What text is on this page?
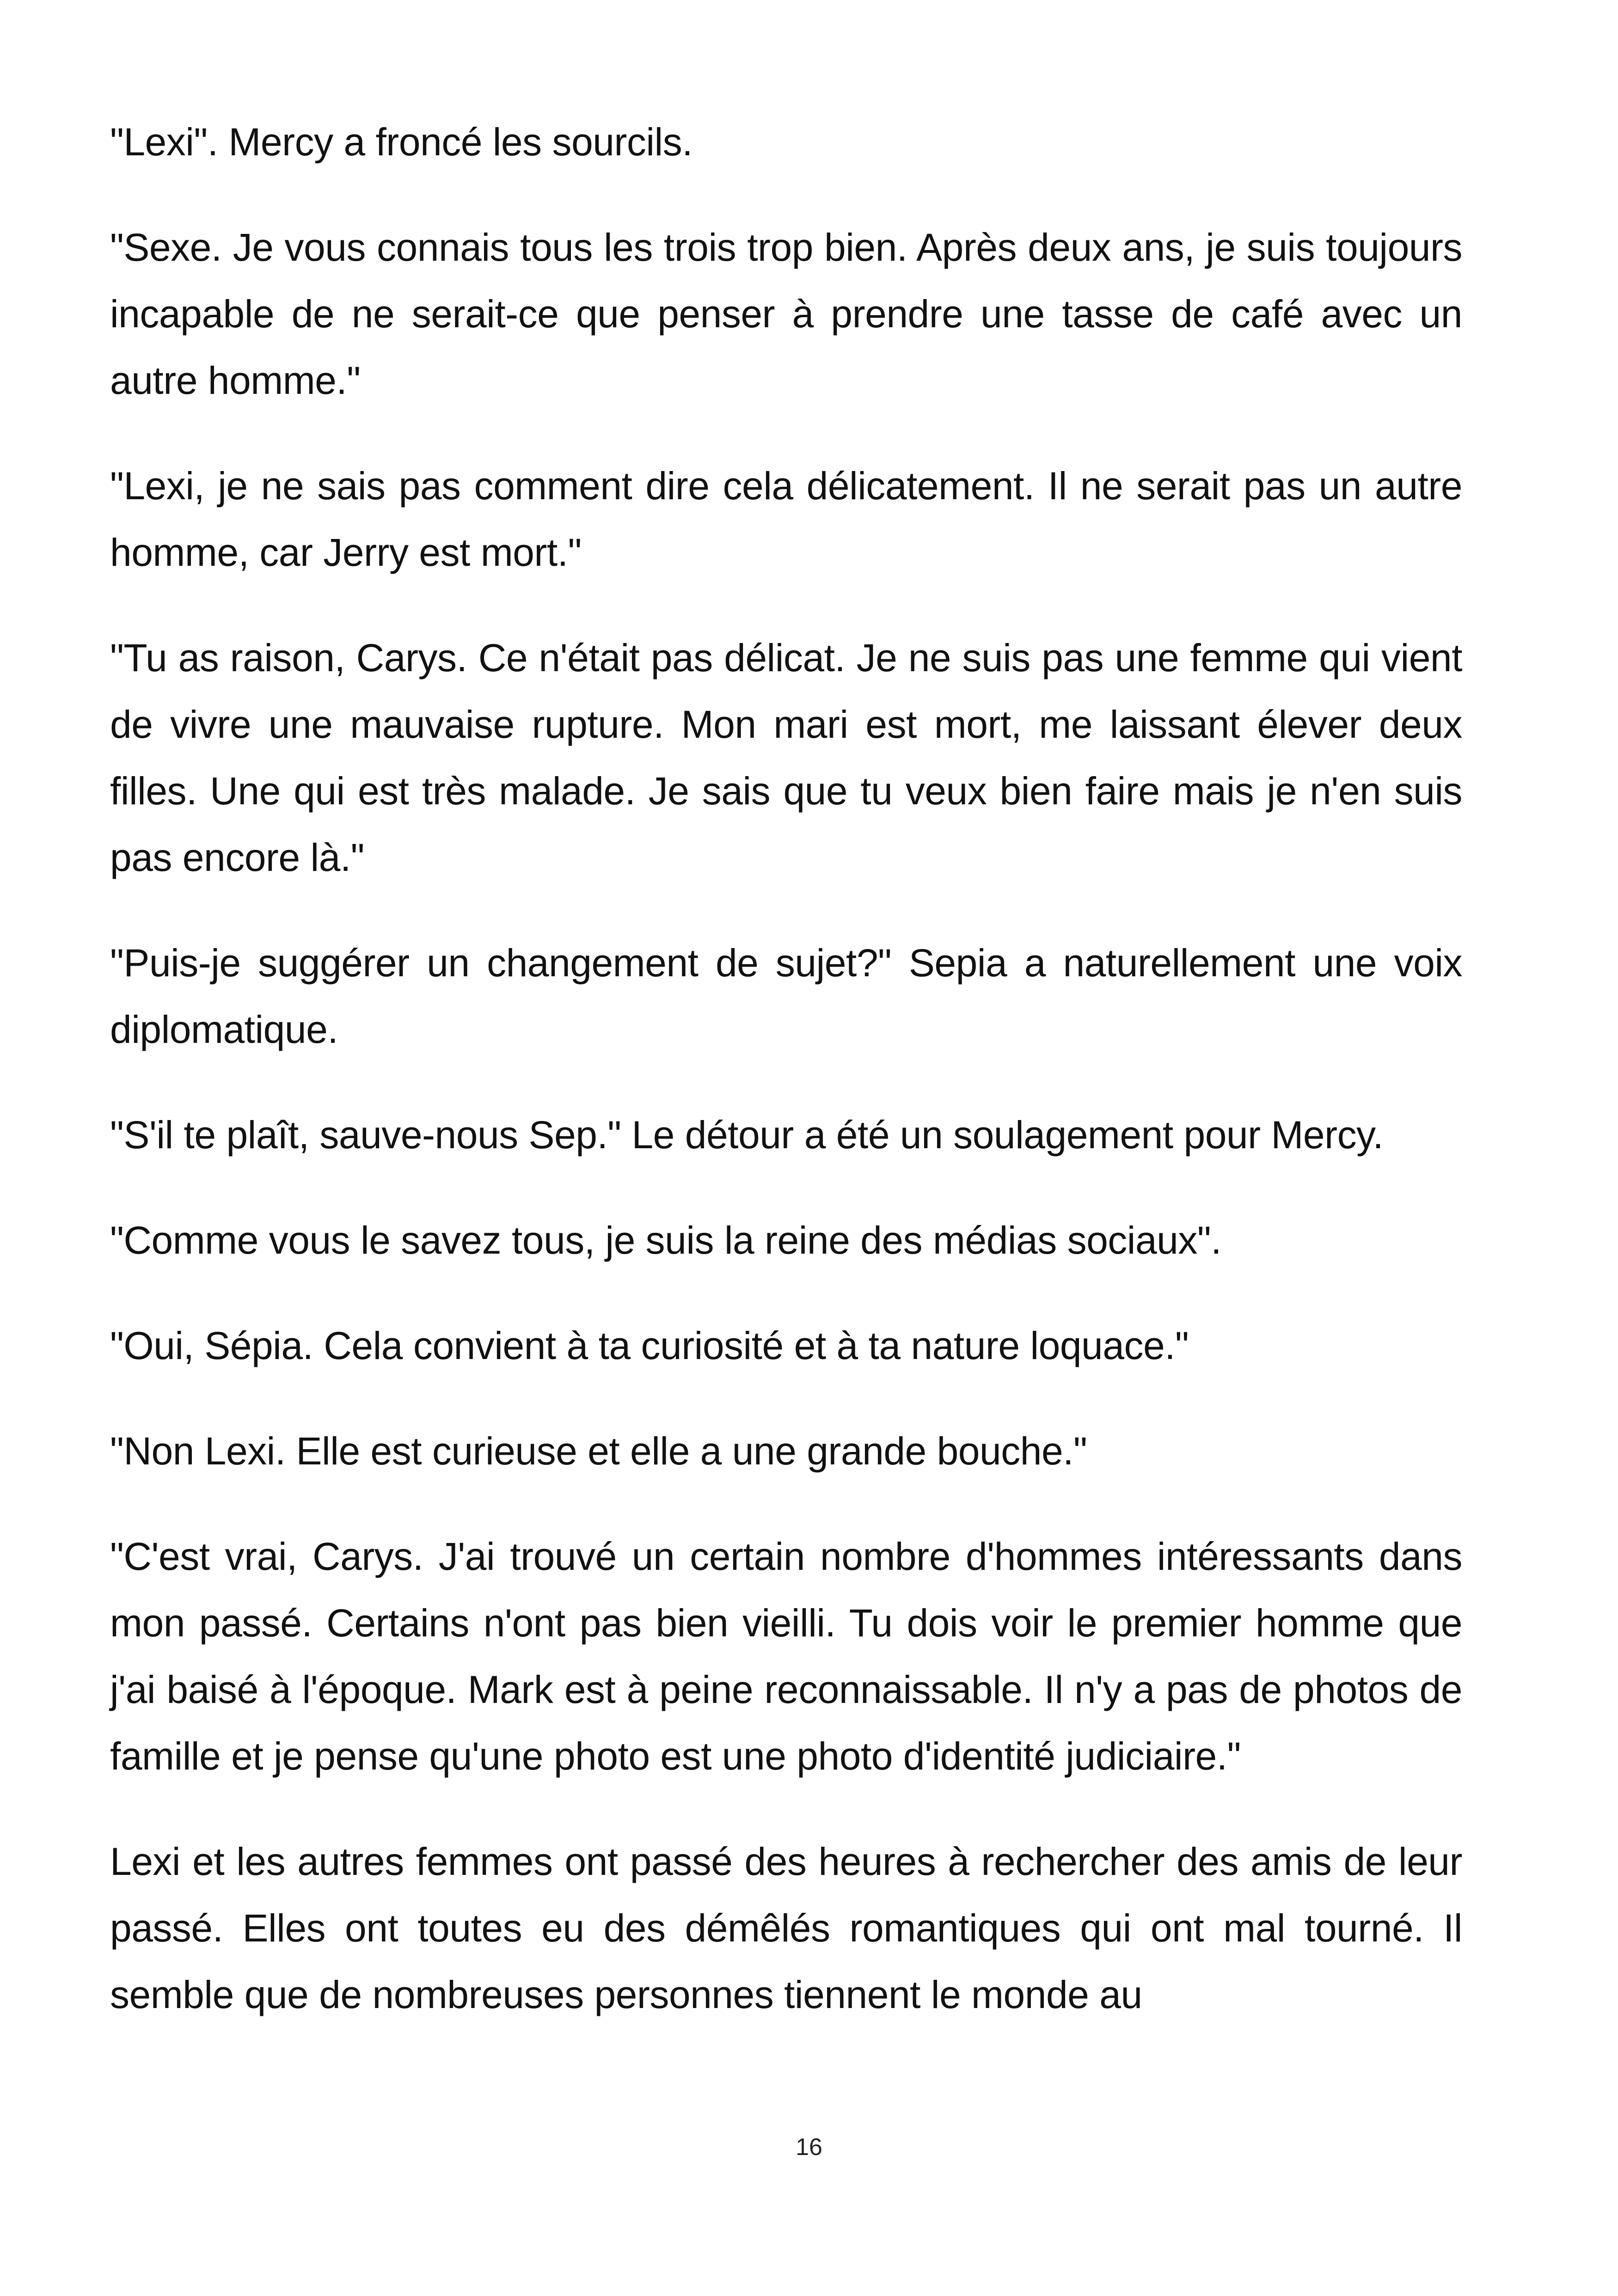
"Lexi". Mercy a froncé les sourcils.

"Sexe. Je vous connais tous les trois trop bien. Après deux ans, je suis toujours incapable de ne serait-ce que penser à prendre une tasse de café avec un autre homme."

"Lexi, je ne sais pas comment dire cela délicatement. Il ne serait pas un autre homme, car Jerry est mort."

"Tu as raison, Carys. Ce n'était pas délicat. Je ne suis pas une femme qui vient de vivre une mauvaise rupture. Mon mari est mort, me laissant élever deux filles. Une qui est très malade. Je sais que tu veux bien faire mais je n'en suis pas encore là."

"Puis-je suggérer un changement de sujet?" Sepia a naturellement une voix diplomatique.

"S'il te plaît, sauve-nous Sep." Le détour a été un soulagement pour Mercy.

"Comme vous le savez tous, je suis la reine des médias sociaux".

"Oui, Sépia. Cela convient à ta curiosité et à ta nature loquace."

"Non Lexi. Elle est curieuse et elle a une grande bouche."

"C'est vrai, Carys. J'ai trouvé un certain nombre d'hommes intéressants dans mon passé. Certains n'ont pas bien vieilli. Tu dois voir le premier homme que j'ai baisé à l'époque. Mark est à peine reconnaissable. Il n'y a pas de photos de famille et je pense qu'une photo est une photo d'identité judiciaire."

Lexi et les autres femmes ont passé des heures à rechercher des amis de leur passé. Elles ont toutes eu des démêlés romantiques qui ont mal tourné. Il semble que de nombreuses personnes tiennent le monde au

16
